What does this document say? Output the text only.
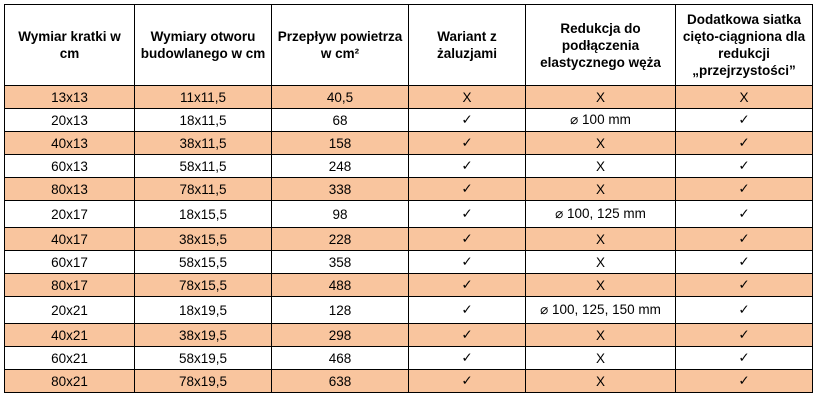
Wymiar kratki w cm	Wymiary otworu budowlanego w cm	Przepływ powietrza w cm²	Wariant z żaluzjami	Redukcja do podłączenia elastycznego węża	Dodatkowa siatka cięto-ciągniona dla redukcji „przejrzystości”
13x13	11x11,5	40,5	X	X	X
20x13	18x11,5	68	✓	⌀ 100 mm	✓
40x13	38x11,5	158	✓	X	✓
60x13	58x11,5	248	✓	X	✓
80x13	78x11,5	338	✓	X	✓
20x17	18x15,5	98	✓	⌀ 100, 125 mm	✓
40x17	38x15,5	228	✓	X	✓
60x17	58x15,5	358	✓	X	✓
80x17	78x15,5	488	✓	X	✓
20x21	18x19,5	128	✓	⌀ 100, 125, 150 mm	✓
40x21	38x19,5	298	✓	X	✓
60x21	58x19,5	468	✓	X	✓
80x21	78x19,5	638	✓	X	✓
